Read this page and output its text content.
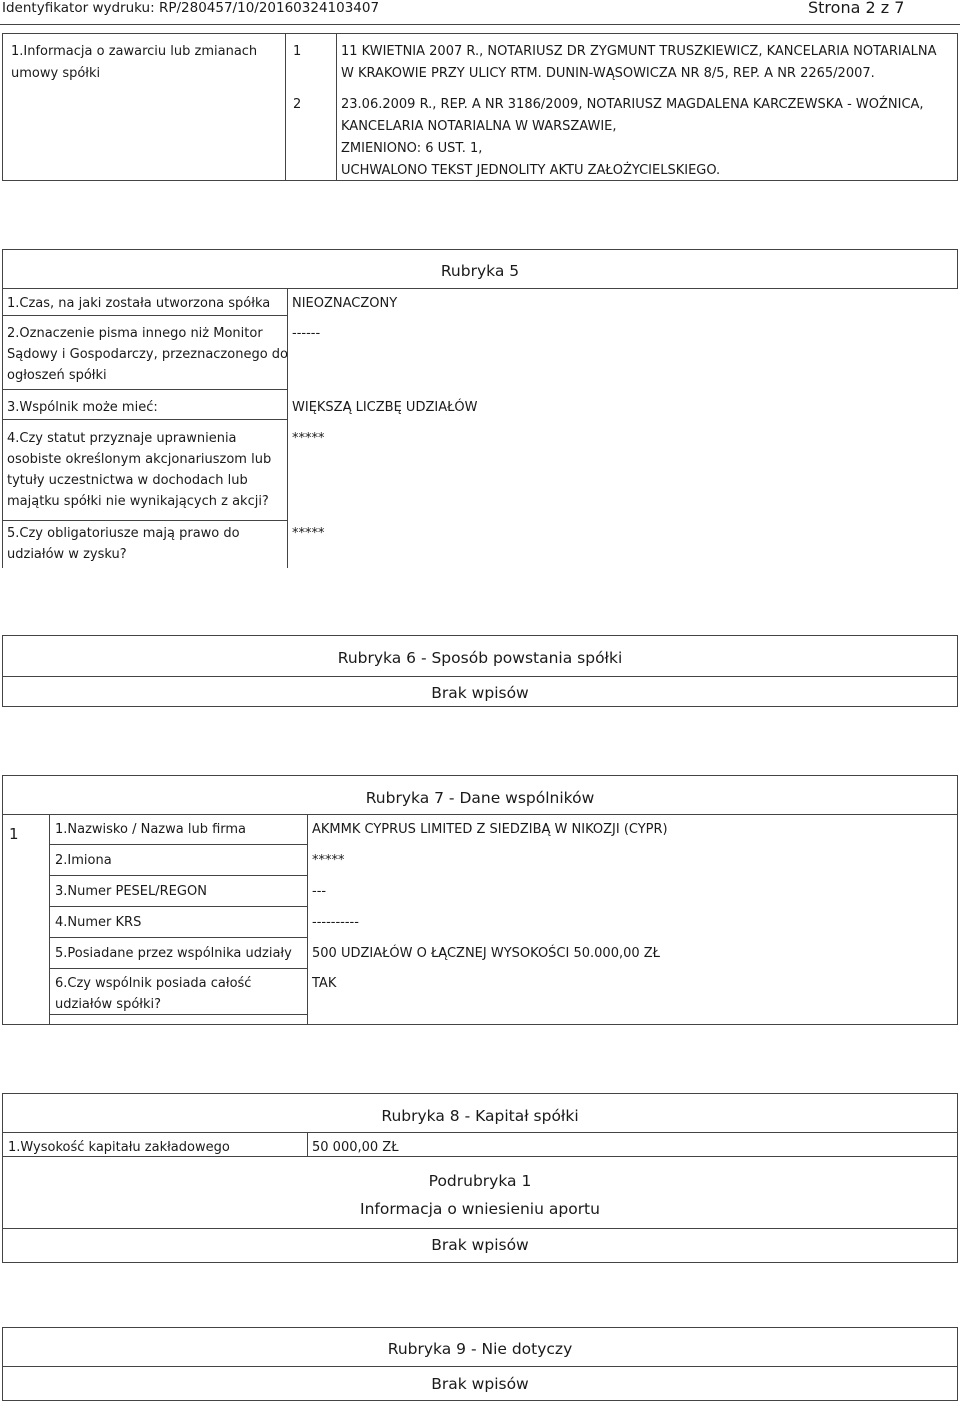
Identyfikator wydruku: RP/280457/10/20160324103407	Strona 2 z 7
1.Informacja o zawarciu lub zmianach
umowy spółki
1	11 KWIETNIA 2007 R., NOTARIUSZ DR ZYGMUNT TRUSZKIEWICZ, KANCELARIA NOTARIALNA
W KRAKOWIE PRZY ULICY RTM. DUNIN-WĄSOWICZA NR 8/5, REP. A NR 2265/2007.
2	23.06.2009 R., REP. A NR 3186/2009, NOTARIUSZ MAGDALENA KARCZEWSKA - WOŹNICA,
KANCELARIA NOTARIALNA W WARSZAWIE,
ZMIENIONO: 6 UST. 1,
UCHWALONO TEKST JEDNOLITY AKTU ZAŁOŻYCIELSKIEGO.
Rubryka 5
1.Czas, na jaki została utworzona spółka NIEOZNACZONY
2.Oznaczenie pisma innego niż Monitor
Sądowy i Gospodarczy, przeznaczonego do
ogłoszeń spółki
------
3.Wspólnik może mieć:	WIĘKSZĄ LICZBĘ UDZIAŁÓW
4.Czy statut przyznaje uprawnienia
osobiste określonym akcjonariuszom lub
tytuły uczestnictwa w dochodach lub
majątku spółki nie wynikających z akcji?
*****
5.Czy obligatoriusze mają prawo do
udziałów w zysku?
*****
Rubryka 6 - Sposób powstania spółki
Brak wpisów
Rubryka 7 - Dane wspólników
1	1.Nazwisko / Nazwa lub firma	AKMMK CYPRUS LIMITED Z SIEDZIBĄ W NIKOZJI (CYPR)
2.Imiona	*****
3.Numer PESEL/REGON	---
4.Numer KRS	----------
5.Posiadane przez wspólnika udziały 500 UDZIAŁÓW O ŁĄCZNEJ WYSOKOŚCI 50.000,00 ZŁ
6.Czy wspólnik posiada całość
udziałów spółki?
TAK
Rubryka 8 - Kapitał spółki
1.Wysokość kapitału zakładowego	50 000,00 ZŁ
Podrubryka 1
Informacja o wniesieniu aportu
Brak wpisów
Rubryka 9 - Nie dotyczy
Brak wpisów
